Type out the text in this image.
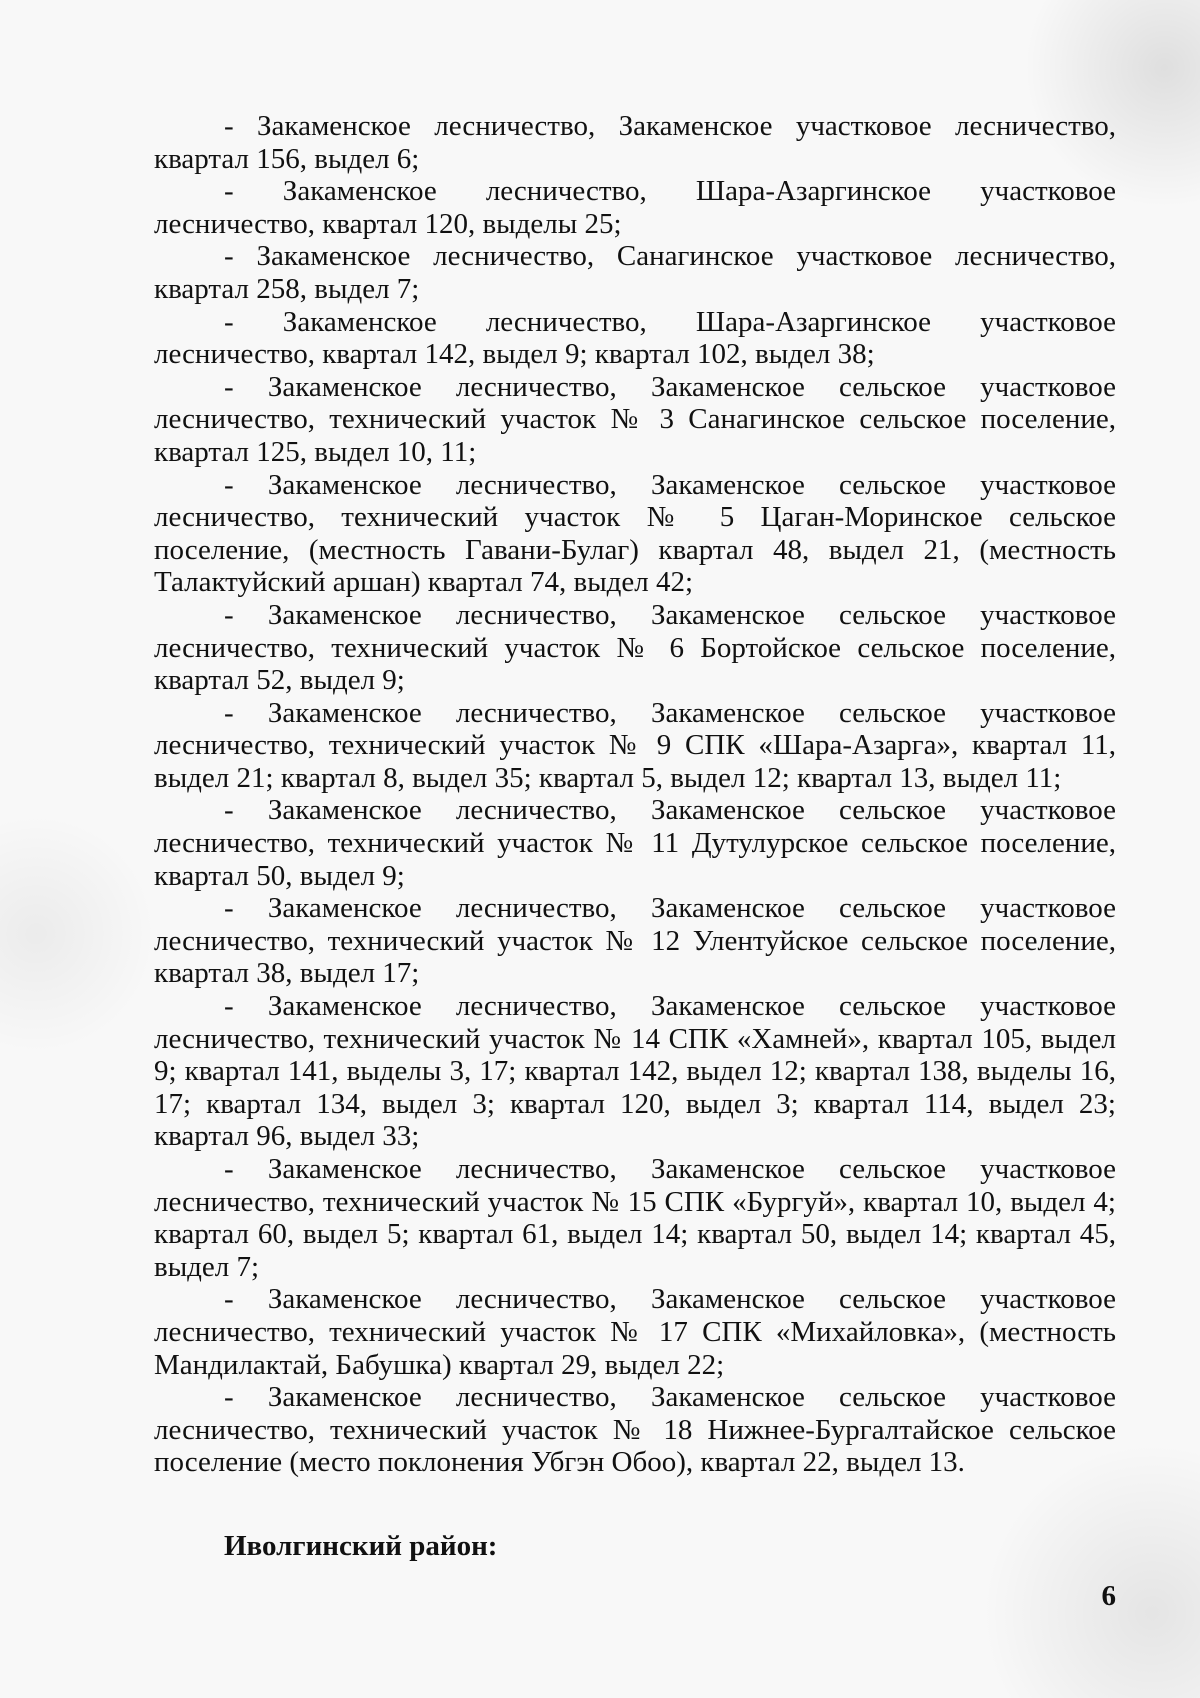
- Закаменское лесничество, Закаменское участковое лесничество, квартал 156, выдел 6;

- Закаменское лесничество, Шара-Азаргинское участковое лесничество, квартал 120, выделы 25;

- Закаменское лесничество, Санагинское участковое лесничество, квартал 258, выдел 7;

- Закаменское лесничество, Шара-Азаргинское участковое лесничество, квартал 142, выдел 9; квартал 102, выдел 38;

- Закаменское лесничество, Закаменское сельское участковое лесничество, технический участок № 3 Санагинское сельское поселение, квартал 125, выдел 10, 11;

- Закаменское лесничество, Закаменское сельское участковое лесничество, технический участок № 5 Цаган-Моринское сельское поселение, (местность Гавани-Булаг) квартал 48, выдел 21, (местность Талактуйский аршан) квартал 74, выдел 42;

- Закаменское лесничество, Закаменское сельское участковое лесничество, технический участок № 6 Бортойское сельское поселение, квартал 52, выдел 9;

- Закаменское лесничество, Закаменское сельское участковое лесничество, технический участок № 9 СПК «Шара-Азарга», квартал 11, выдел 21; квартал 8, выдел 35; квартал 5, выдел 12; квартал 13, выдел 11;

- Закаменское лесничество, Закаменское сельское участковое лесничество, технический участок № 11 Дутулурское сельское поселение, квартал 50, выдел 9;

- Закаменское лесничество, Закаменское сельское участковое лесничество, технический участок № 12 Улентуйское сельское поселение, квартал 38, выдел 17;

- Закаменское лесничество, Закаменское сельское участковое лесничество, технический участок № 14 СПК «Хамней», квартал 105, выдел 9; квартал 141, выделы 3, 17; квартал 142, выдел 12; квартал 138, выделы 16, 17; квартал 134, выдел 3; квартал 120, выдел 3; квартал 114, выдел 23; квартал 96, выдел 33;

- Закаменское лесничество, Закаменское сельское участковое лесничество, технический участок № 15 СПК «Бургуй», квартал 10, выдел 4; квартал 60, выдел 5; квартал 61, выдел 14; квартал 50, выдел 14; квартал 45, выдел 7;

- Закаменское лесничество, Закаменское сельское участковое лесничество, технический участок № 17 СПК «Михайловка», (местность Мандилактай, Бабушка) квартал 29, выдел 22;

- Закаменское лесничество, Закаменское сельское участковое лесничество, технический участок № 18 Нижнее-Бургалтайское сельское поселение (место поклонения Убгэн Обоо), квартал 22, выдел 13.

Иволгинский район:

6
